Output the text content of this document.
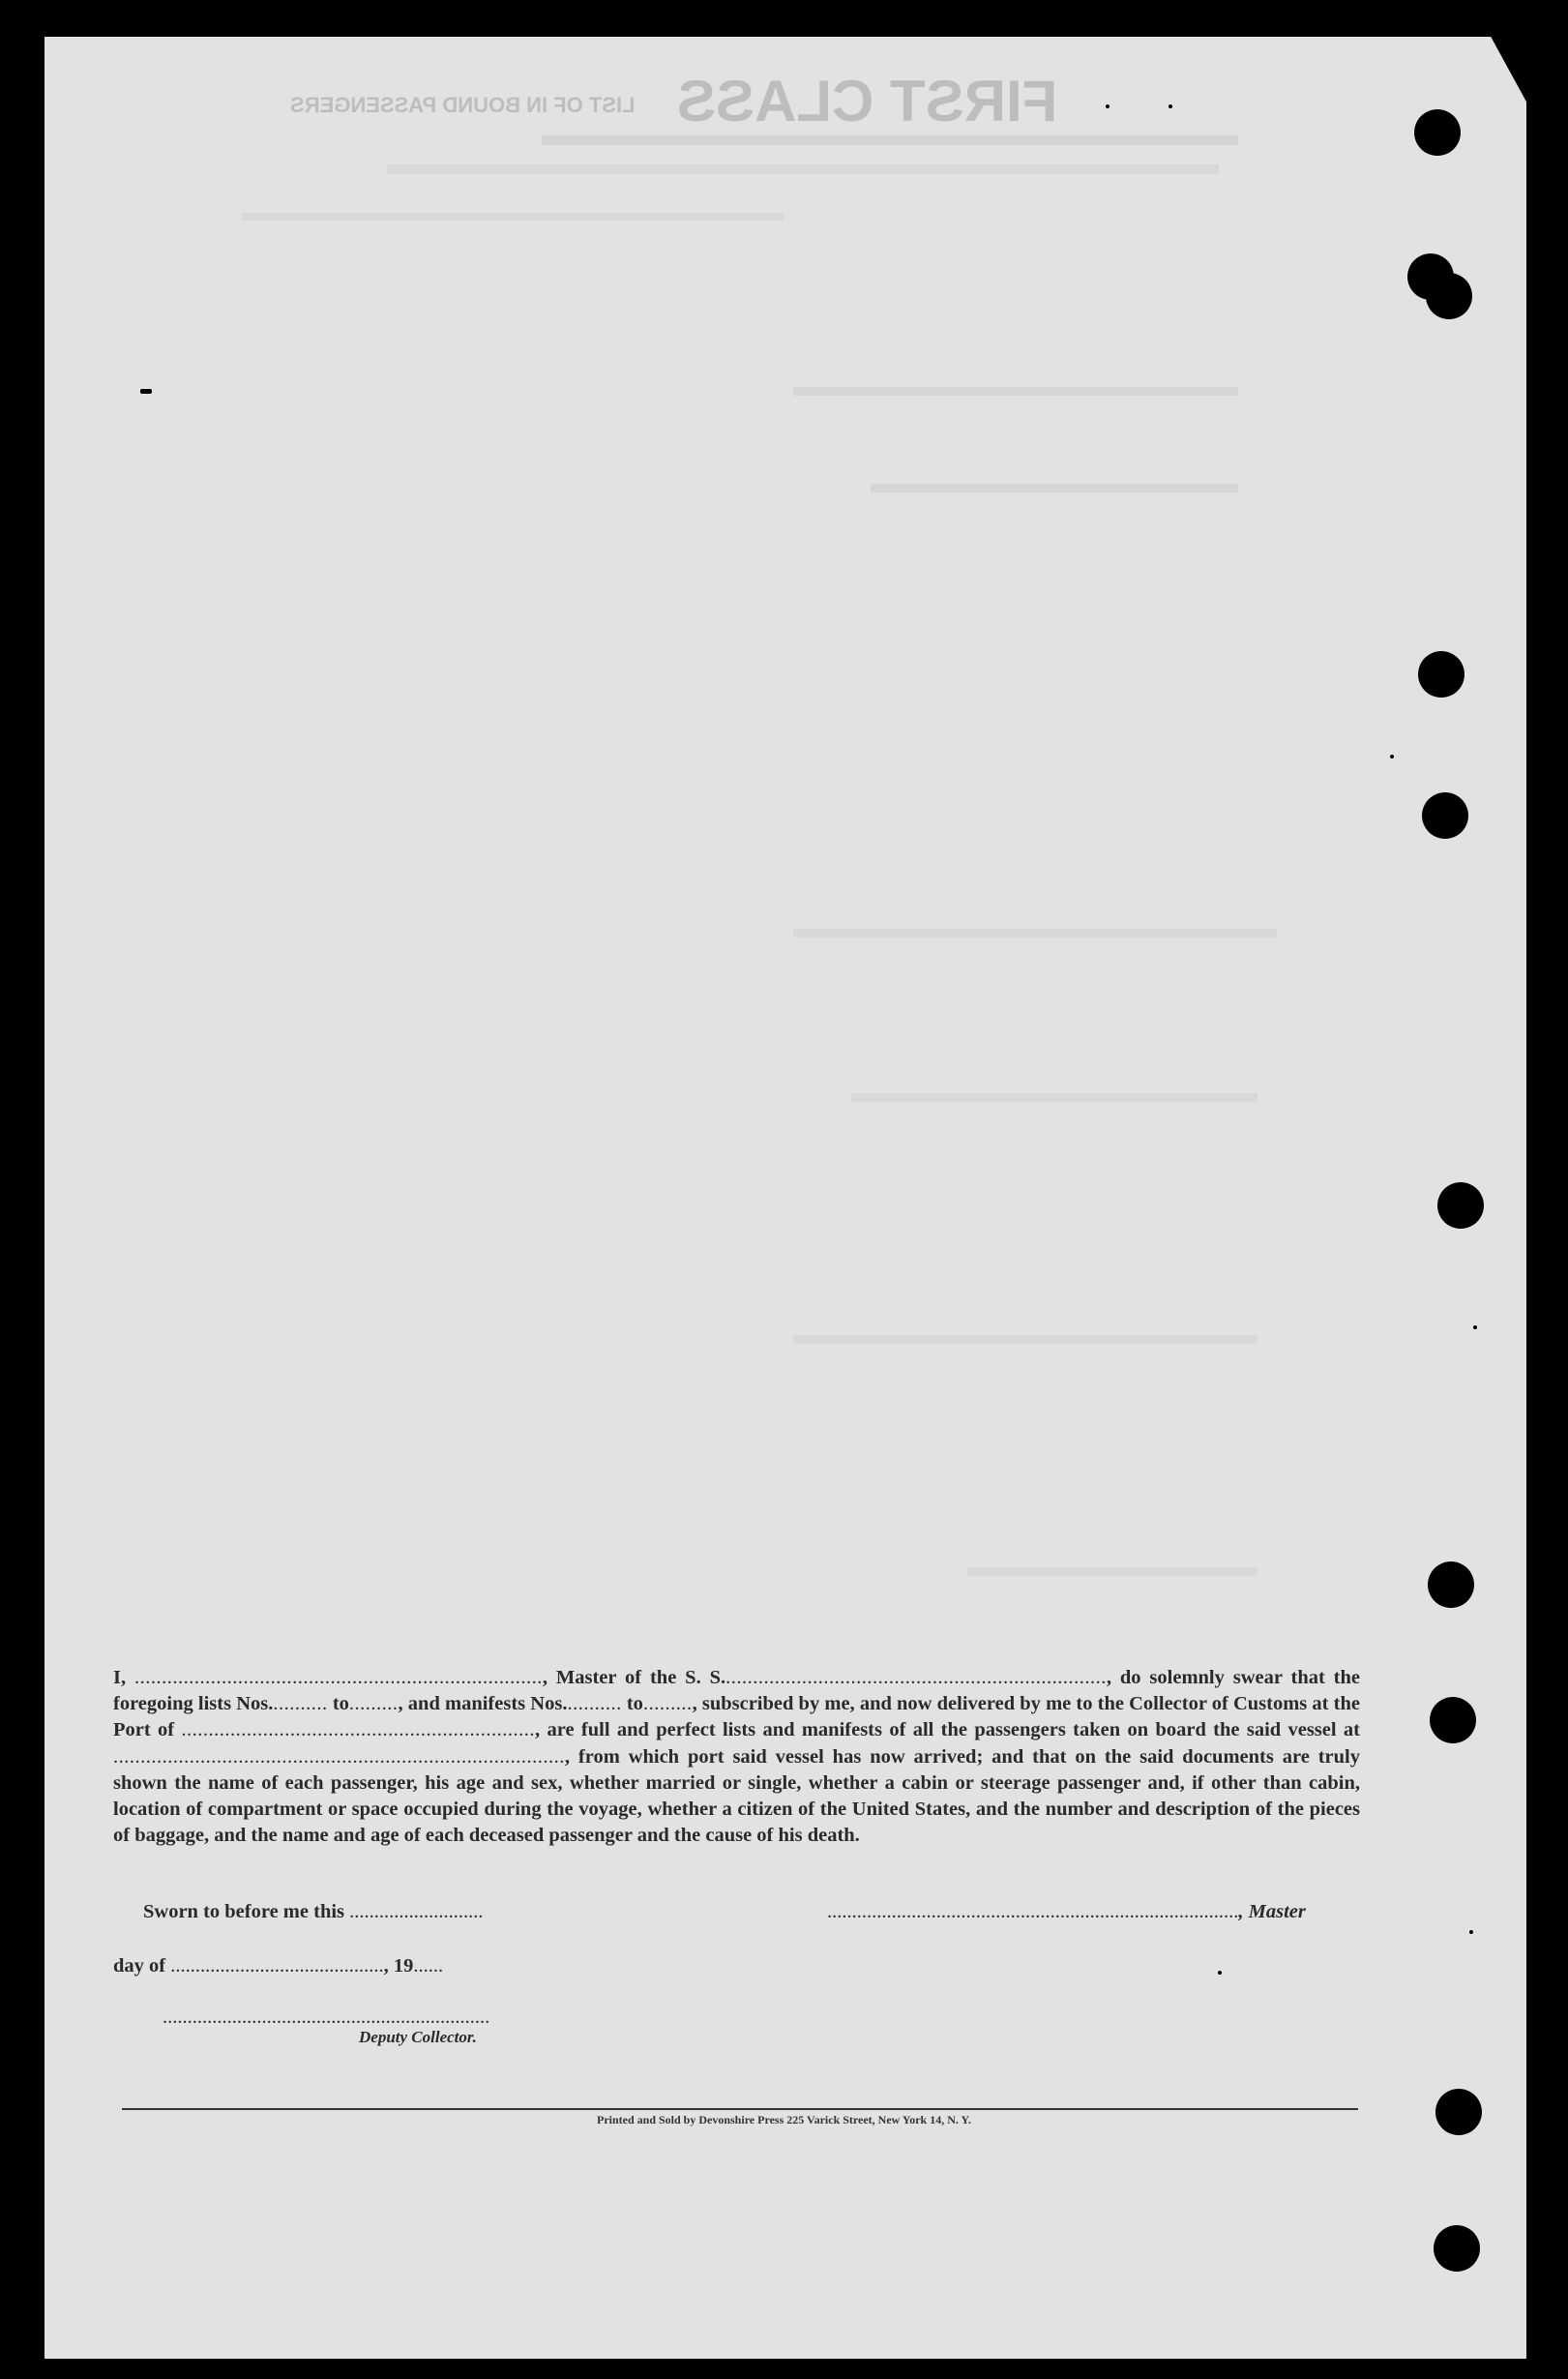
LIST OF IN BOUND PASSENGERS FIRST CLASS
I, ..........................................................................., Master of the S. S......................................................................., do solemnly swear that the foregoing lists Nos........... to........., and manifests Nos........... to........., subscribed by me, and now delivered by me to the Collector of Customs at the Port of ................................................................., are full and perfect lists and manifests of all the passengers taken on board the said vessel at ..................................................................................., from which port said vessel has now arrived; and that on the said documents are truly shown the name of each passenger, his age and sex, whether married or single, whether a cabin or steerage passenger and, if other than cabin, location of compartment or space occupied during the voyage, whether a citizen of the United States, and the number and description of the pieces of baggage, and the name and age of each deceased passenger and the cause of his death.
Sworn to before me this ...........................	..................................................................................., Master
day of ..........................................., 19......
..................................................................
Deputy Collector.
Printed and Sold by Devonshire Press 225 Varick Street, New York 14, N. Y.
